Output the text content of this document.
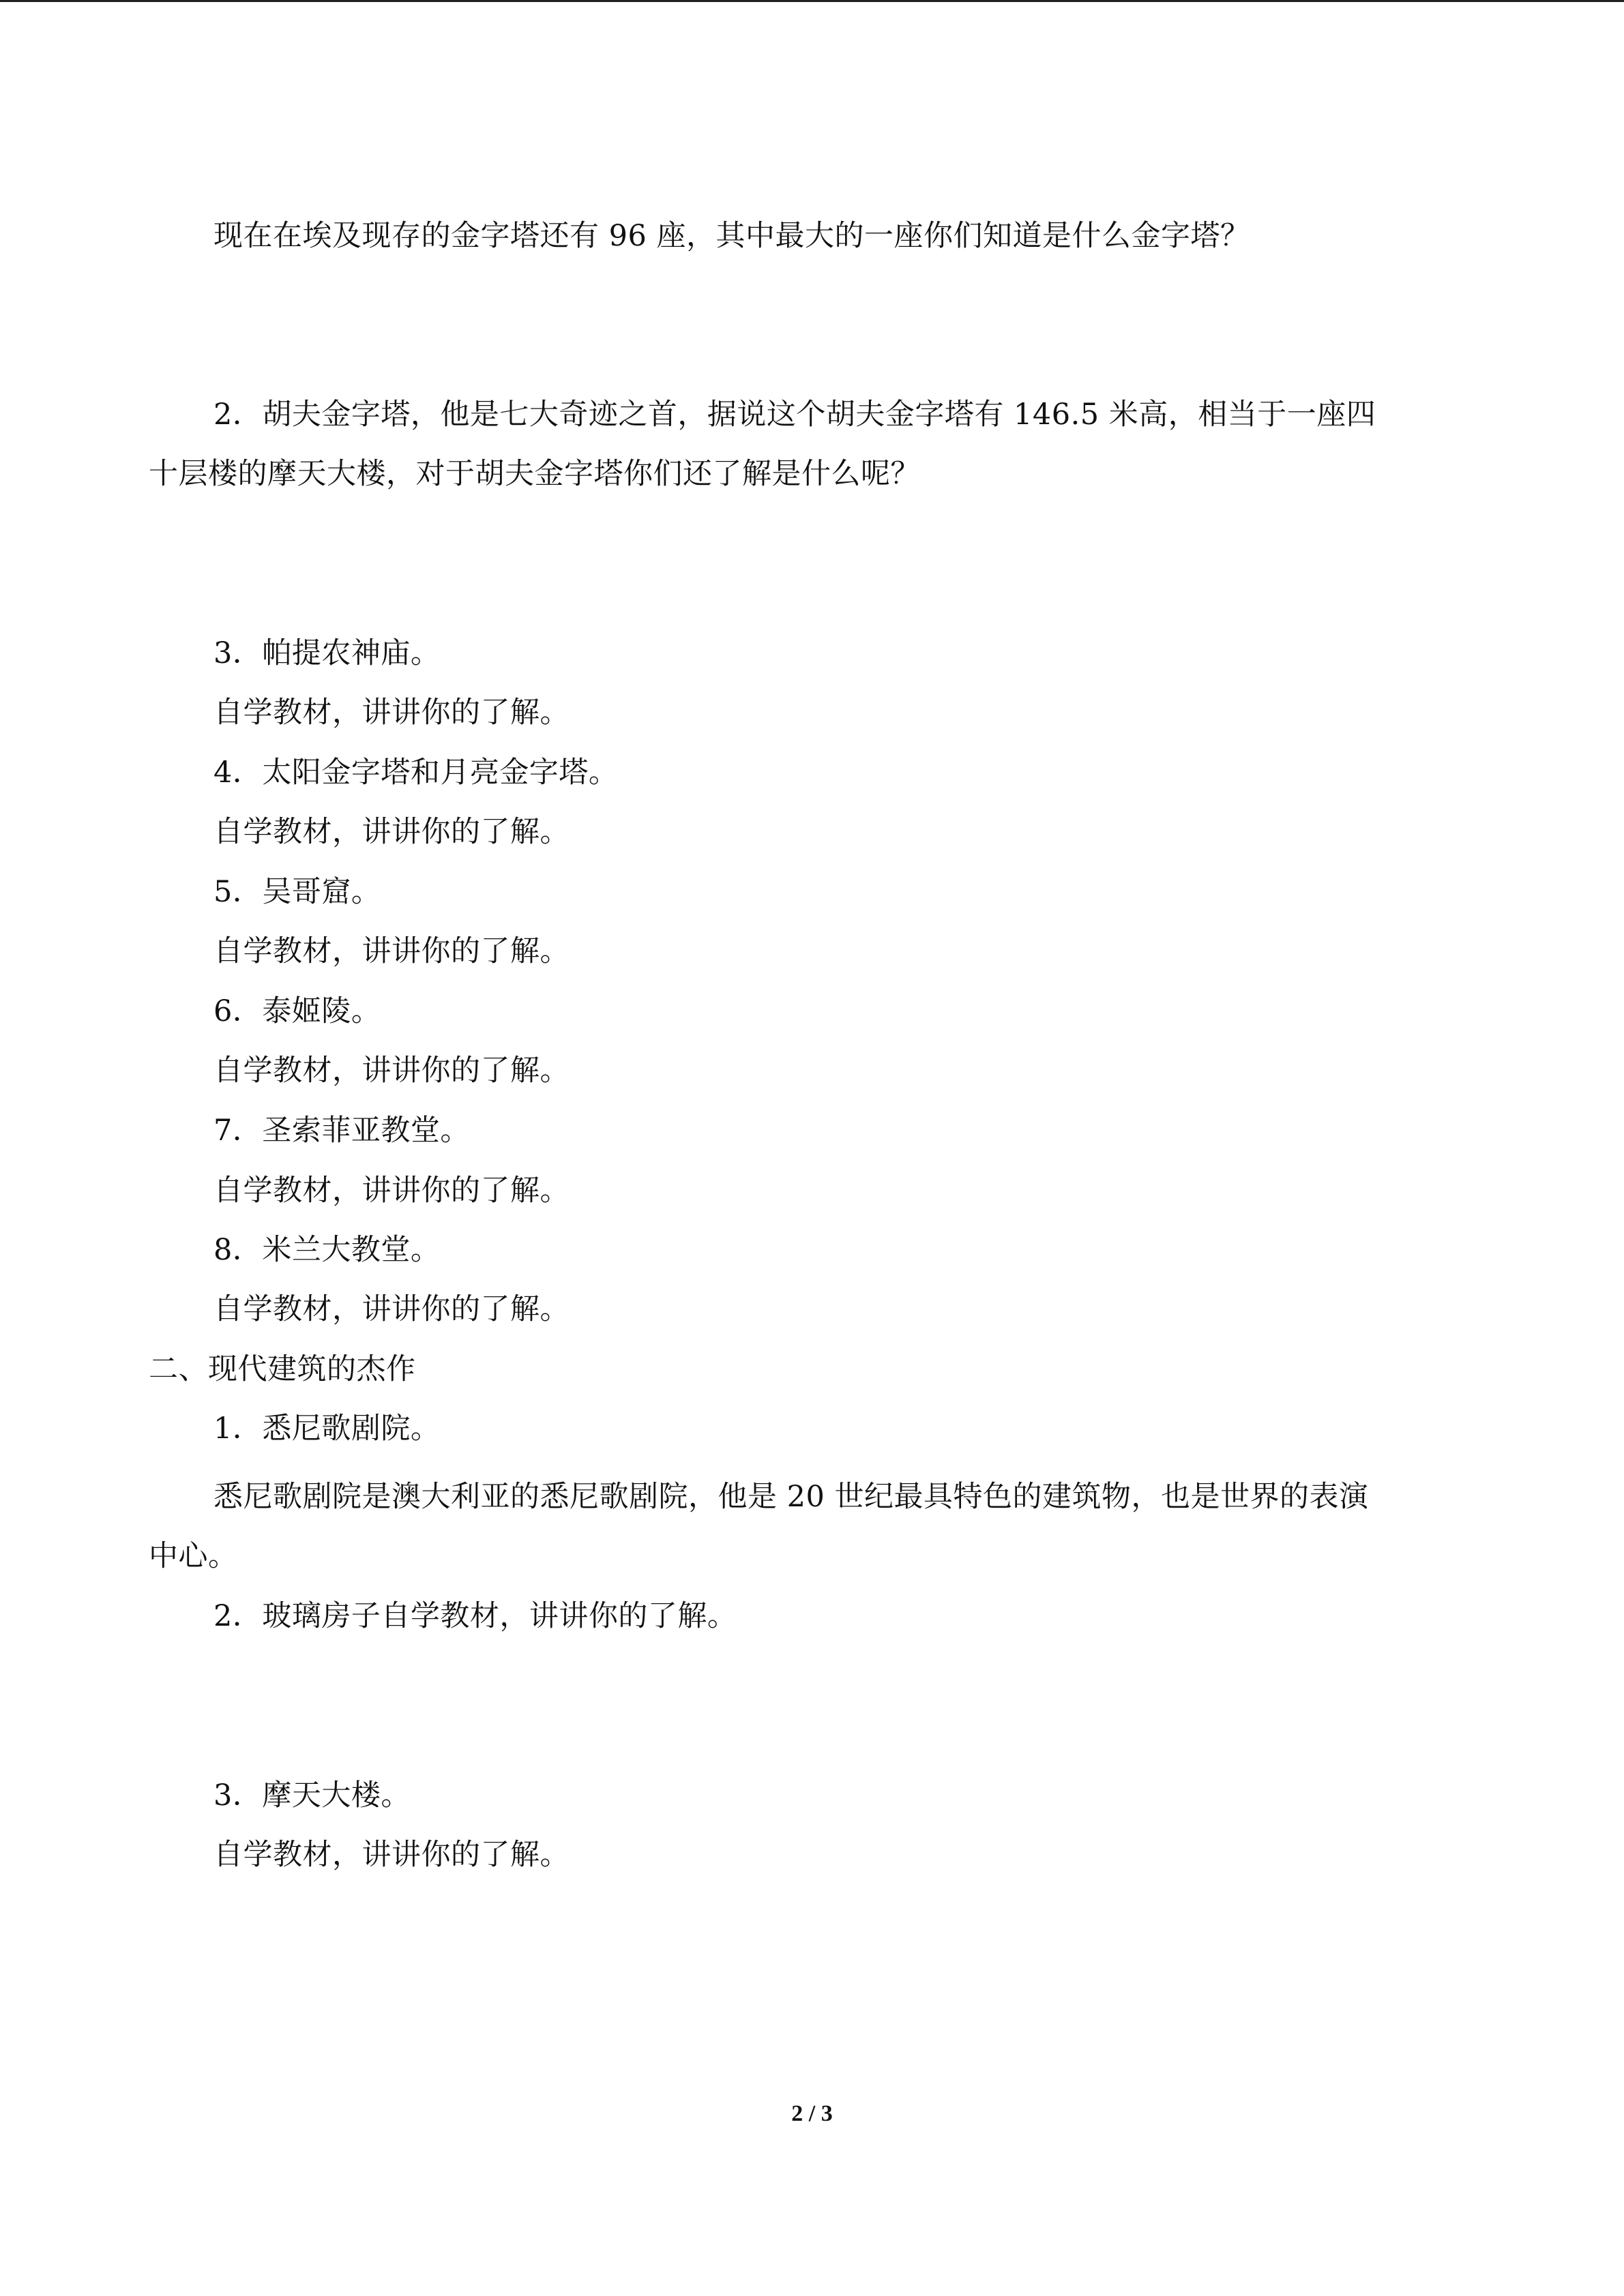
现在在埃及现存的金字塔还有 96 座，其中最大的一座你们知道是什么金字塔？
2．胡夫金字塔，他是七大奇迹之首，据说这个胡夫金字塔有 146.5 米高，相当于一座四
十层楼的摩天大楼，对于胡夫金字塔你们还了解是什么呢？
3．帕提农神庙。
自学教材，讲讲你的了解。
4．太阳金字塔和月亮金字塔。
自学教材，讲讲你的了解。
5．吴哥窟。
自学教材，讲讲你的了解。
6．泰姬陵。
自学教材，讲讲你的了解。
7．圣索菲亚教堂。
自学教材，讲讲你的了解。
8．米兰大教堂。
自学教材，讲讲你的了解。
二、现代建筑的杰作
1．悉尼歌剧院。
悉尼歌剧院是澳大利亚的悉尼歌剧院，他是 20 世纪最具特色的建筑物，也是世界的表演
中心。
2．玻璃房子自学教材，讲讲你的了解。
3．摩天大楼。
自学教材，讲讲你的了解。
2 / 3
